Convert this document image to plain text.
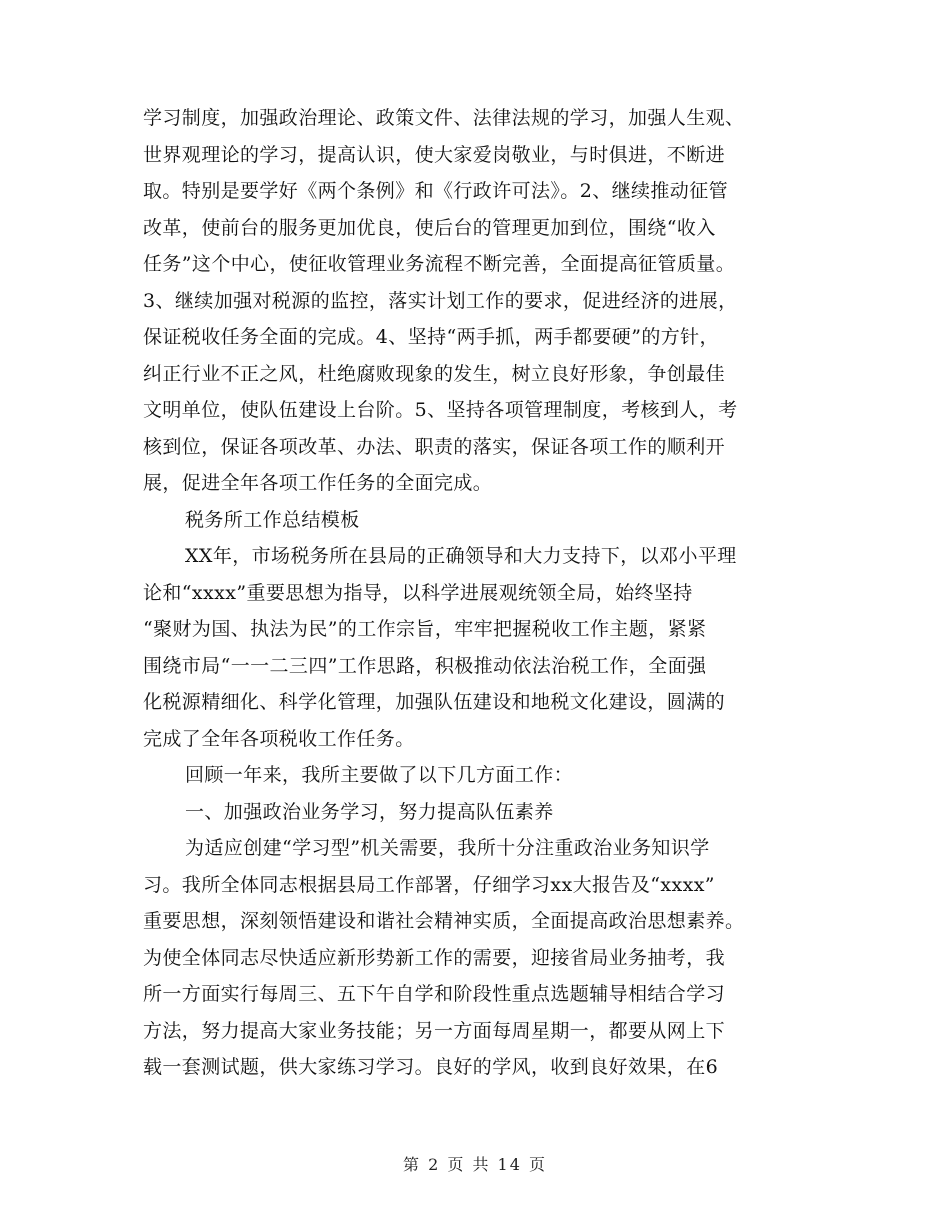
学习制度，加强政治理论、政策文件、法律法规的学习，加强人生观、
世界观理论的学习，提高认识，使大家爱岗敬业，与时俱进，不断进
取。特别是要学好《两个条例》和《行政许可法》。2、继续推动征管
改革，使前台的服务更加优良，使后台的管理更加到位，围绕“收入
任务”这个中心，使征收管理业务流程不断完善，全面提高征管质量。
3、继续加强对税源的监控，落实计划工作的要求，促进经济的进展，
保证税收任务全面的完成。4、坚持“两手抓，两手都要硬”的方针，
纠正行业不正之风，杜绝腐败现象的发生，树立良好形象，争创最佳
文明单位，使队伍建设上台阶。5、坚持各项管理制度，考核到人，考
核到位，保证各项改革、办法、职责的落实，保证各项工作的顺利开
展，促进全年各项工作任务的全面完成。
税务所工作总结模板
XX年，市场税务所在县局的正确领导和大力支持下，以邓小平理
论和“xxxx”重要思想为指导，以科学进展观统领全局，始终坚持
“聚财为国、执法为民”的工作宗旨，牢牢把握税收工作主题，紧紧
围绕市局“一一二三四”工作思路，积极推动依法治税工作，全面强
化税源精细化、科学化管理，加强队伍建设和地税文化建设，圆满的
完成了全年各项税收工作任务。
回顾一年来，我所主要做了以下几方面工作：
一、加强政治业务学习，努力提高队伍素养
为适应创建“学习型”机关需要，我所十分注重政治业务知识学
习。我所全体同志根据县局工作部署，仔细学习xx大报告及“xxxx”
重要思想，深刻领悟建设和谐社会精神实质，全面提高政治思想素养。
为使全体同志尽快适应新形势新工作的需要，迎接省局业务抽考，我
所一方面实行每周三、五下午自学和阶段性重点选题辅导相结合学习
方法，努力提高大家业务技能；另一方面每周星期一，都要从网上下
载一套测试题，供大家练习学习。良好的学风，收到良好效果，在6
第 2 页 共 14 页
